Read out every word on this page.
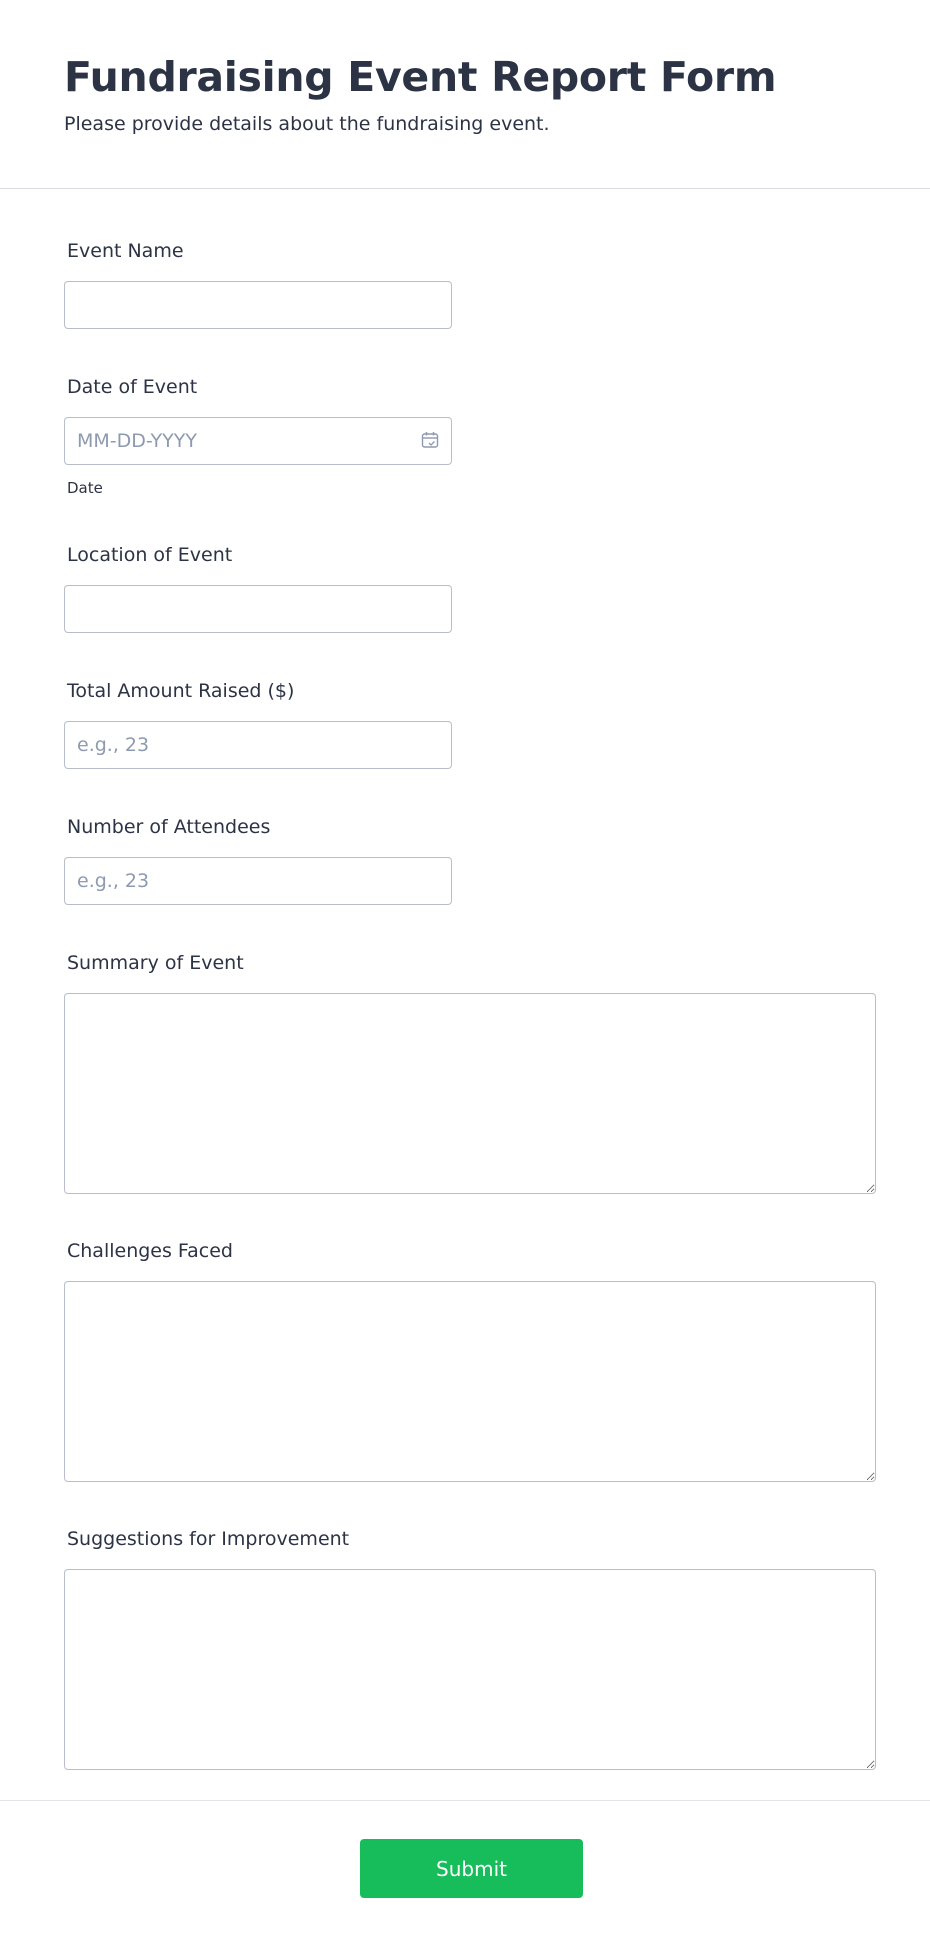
Fundraising Event Report Form
Please provide details about the fundraising event.
Event Name
Date of Event
MM-DD-YYYY
Date
Location of Event
Total Amount Raised ($)
e.g., 23
Number of Attendees
e.g., 23
Summary of Event
Challenges Faced
Suggestions for Improvement
Submit
